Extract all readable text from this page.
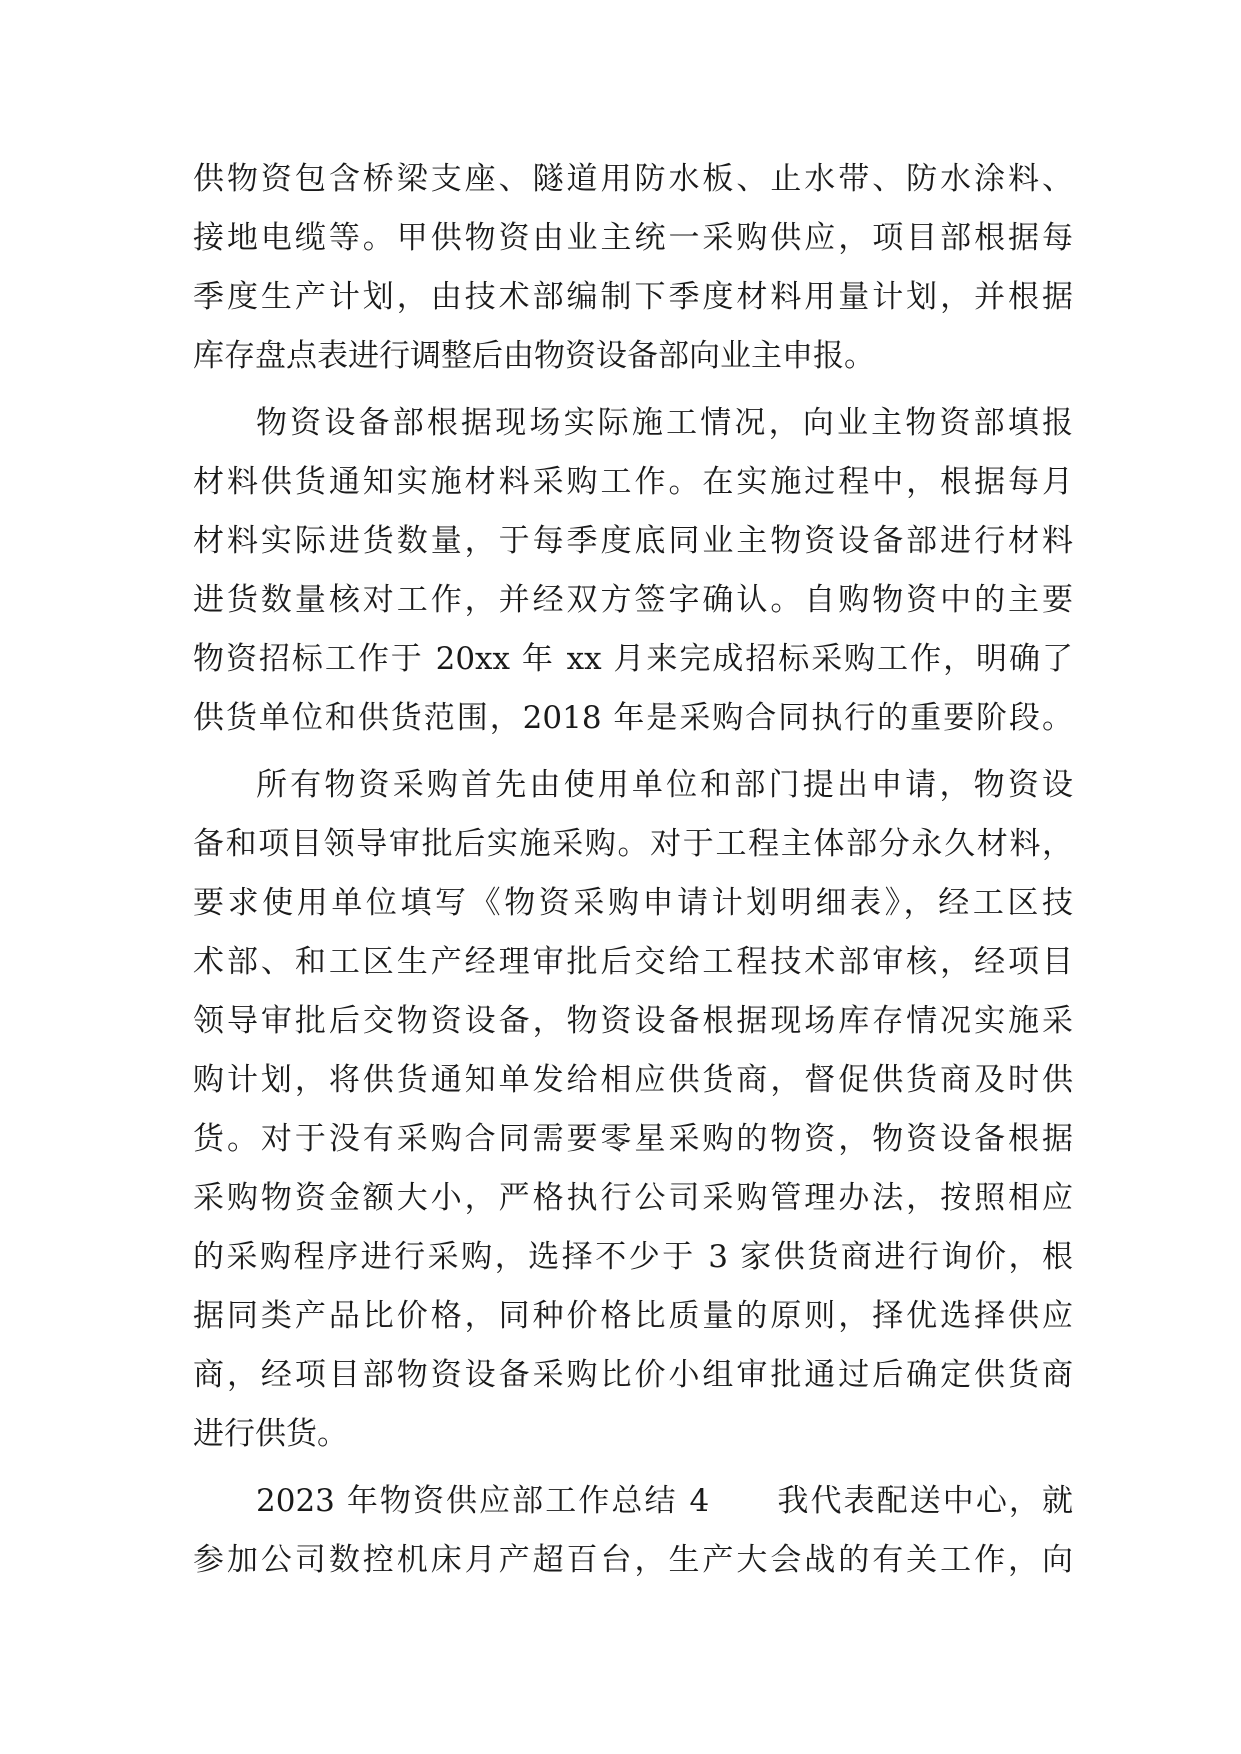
供物资包含桥梁支座、隧道用防水板、止水带、防水涂料、
接地电缆等。甲供物资由业主统一采购供应，项目部根据每
季度生产计划，由技术部编制下季度材料用量计划，并根据
库存盘点表进行调整后由物资设备部向业主申报。
物资设备部根据现场实际施工情况，向业主物资部填报
材料供货通知实施材料采购工作。在实施过程中，根据每月
材料实际进货数量，于每季度底同业主物资设备部进行材料
进货数量核对工作，并经双方签字确认。自购物资中的主要
物资招标工作于 20xx 年 xx 月来完成招标采购工作，明确了
供货单位和供货范围，2018 年是采购合同执行的重要阶段。
所有物资采购首先由使用单位和部门提出申请，物资设
备和项目领导审批后实施采购。对于工程主体部分永久材料，
要求使用单位填写《物资采购申请计划明细表》，经工区技
术部、和工区生产经理审批后交给工程技术部审核，经项目
领导审批后交物资设备，物资设备根据现场库存情况实施采
购计划，将供货通知单发给相应供货商，督促供货商及时供
货。对于没有采购合同需要零星采购的物资，物资设备根据
采购物资金额大小，严格执行公司采购管理办法，按照相应
的采购程序进行采购，选择不少于 3 家供货商进行询价，根
据同类产品比价格，同种价格比质量的原则，择优选择供应
商，经项目部物资设备采购比价小组审批通过后确定供货商
进行供货。
2023 年物资供应部工作总结 4　　我代表配送中心，就
参加公司数控机床月产超百台，生产大会战的有关工作，向
